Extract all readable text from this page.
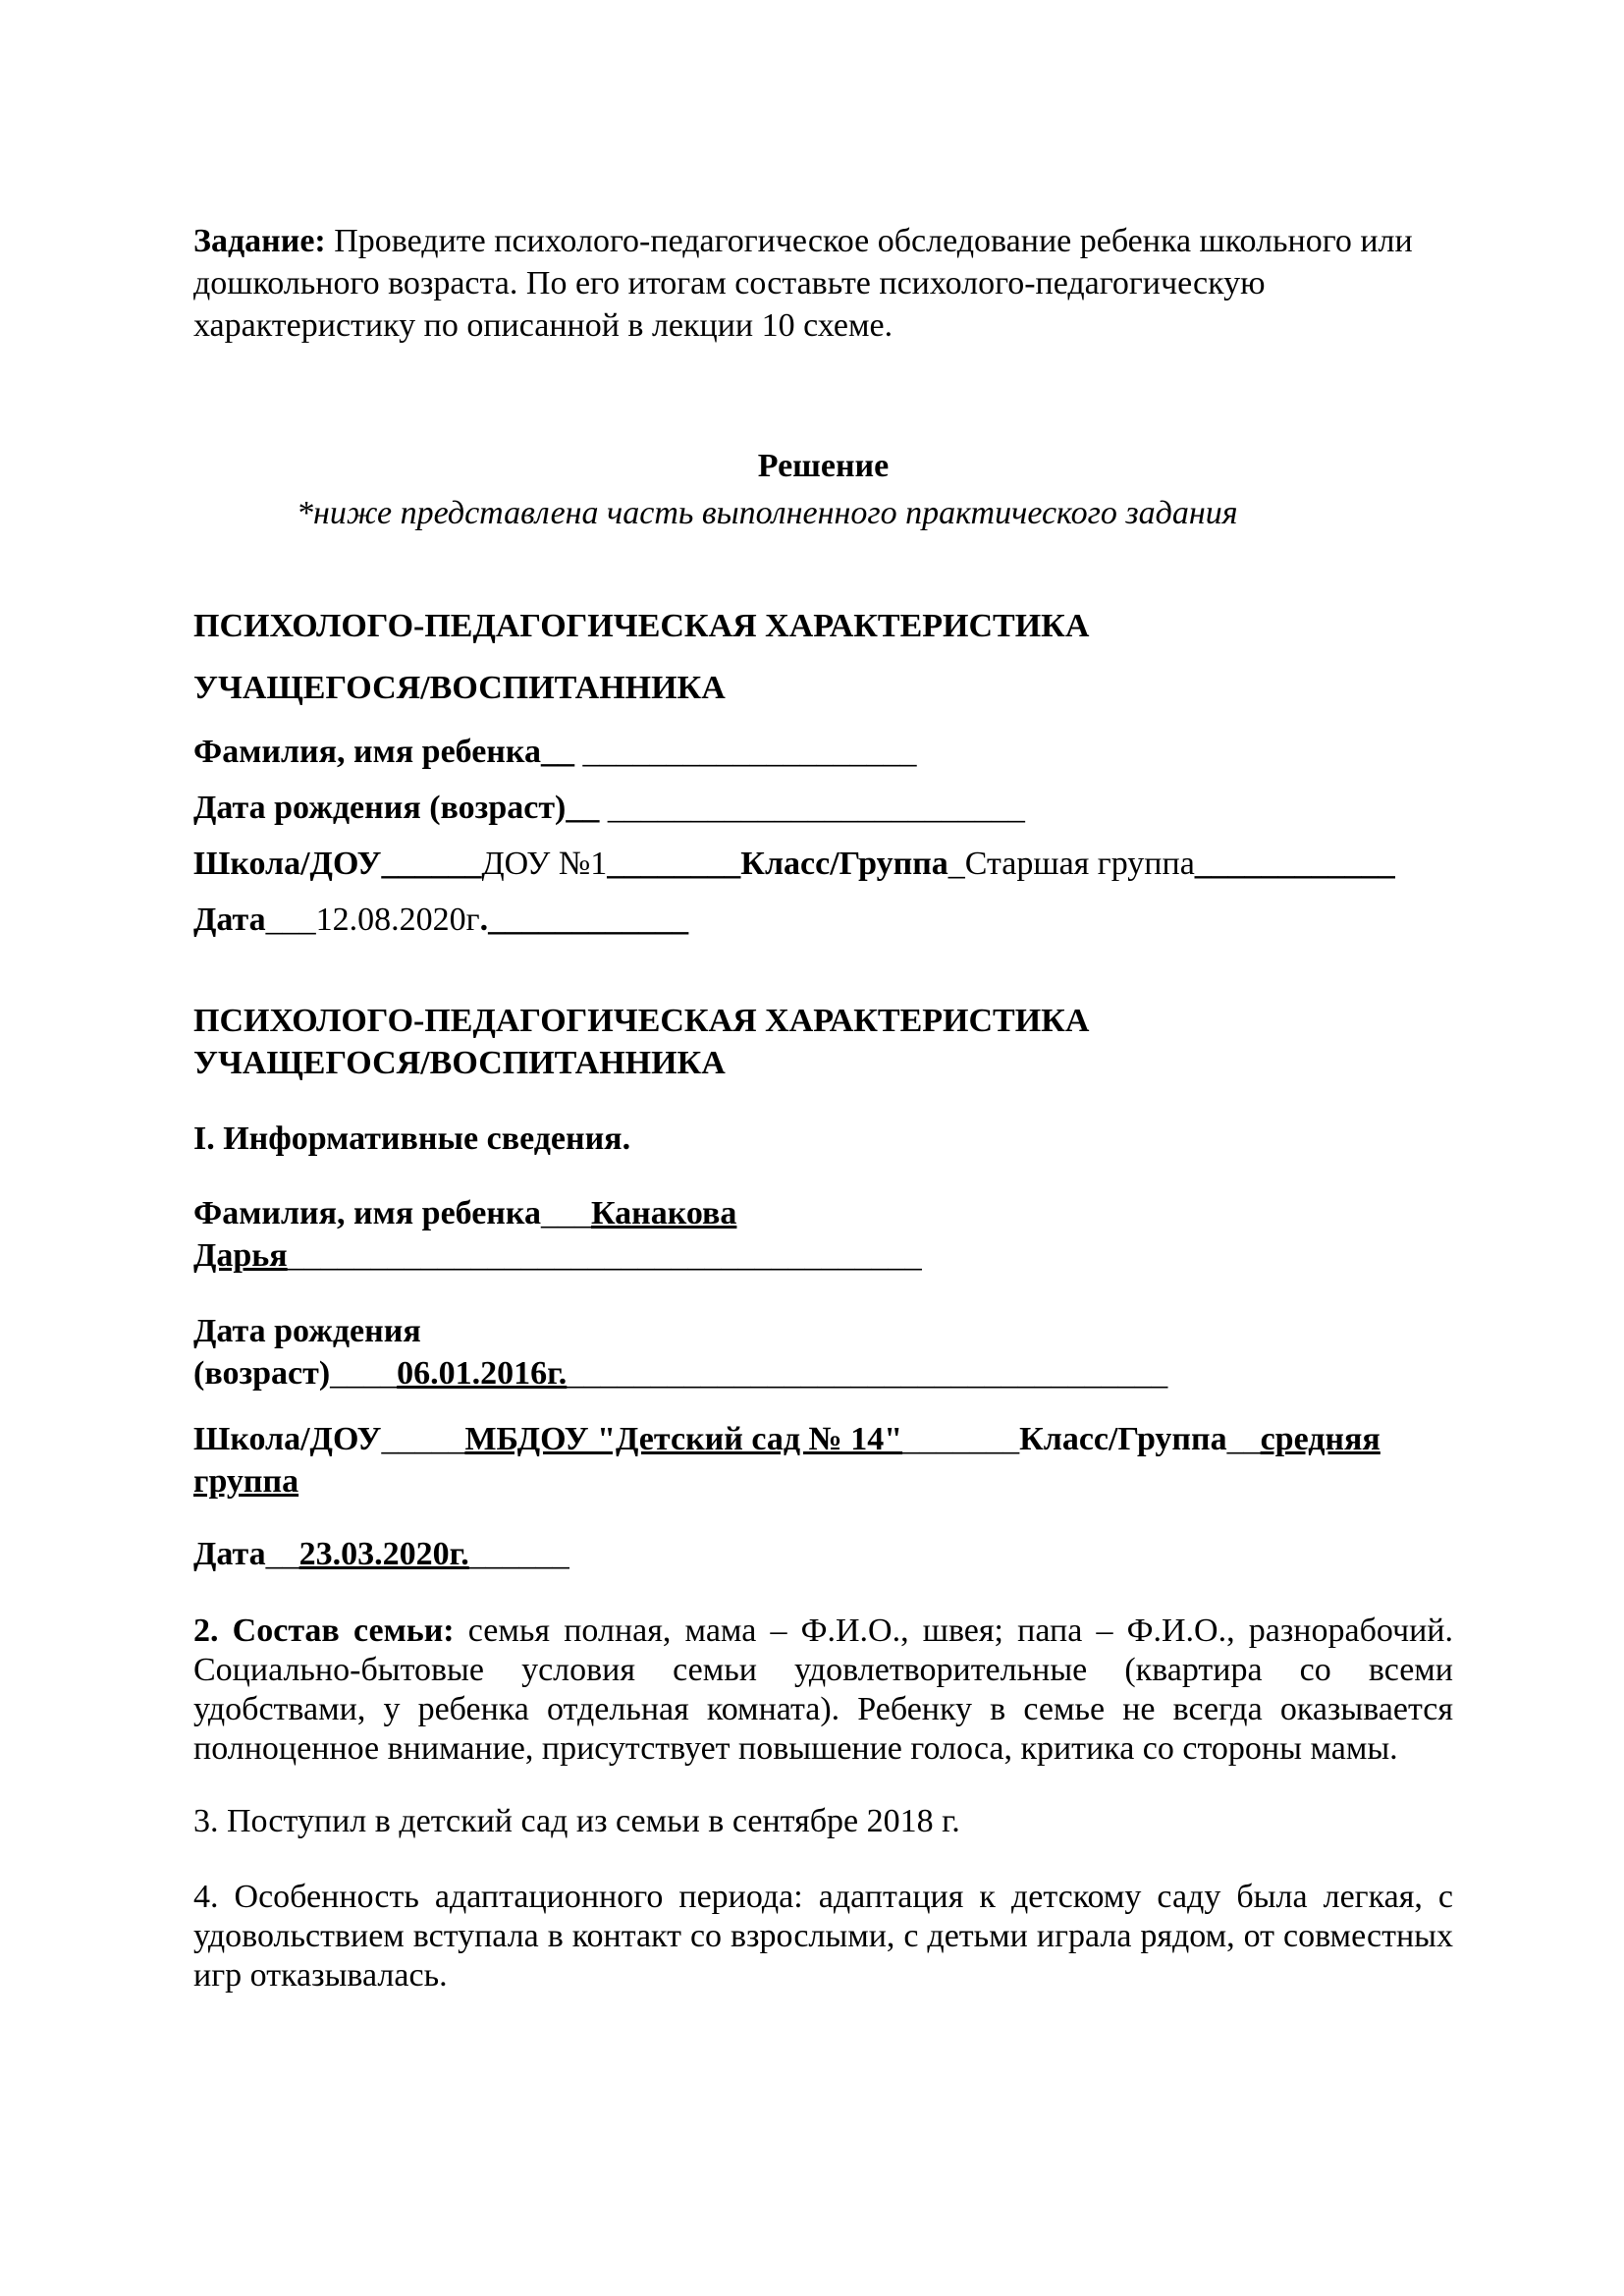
Задание: Проведите психолого-педагогическое обследование ребенка школьного или дошкольного возраста. По его итогам составьте психолого-педагогическую характеристику по описанной в лекции 10 схеме.

Решение
*ниже представлена часть выполненного практического задания
ПСИХОЛОГО-ПЕДАГОГИЧЕСКАЯ ХАРАКТЕРИСТИКА
УЧАЩЕГОСЯ/ВОСПИТАННИКА
Фамилия, имя ребенка__ ____________________
Дата рождения (возраст)__ _________________________
Школа/ДОУ______ДОУ №1________Класс/Группа_Старшая группа____________
Дата___12.08.2020г.____________
ПСИХОЛОГО-ПЕДАГОГИЧЕСКАЯ ХАРАКТЕРИСТИКА
УЧАЩЕГОСЯ/ВОСПИТАННИКА
I. Информативные сведения.
Фамилия, имя ребенка___Канакова
Дарья______________________________________
Дата рождения
(возраст)____06.01.2016г.____________________________________
Школа/ДОУ_____МБДОУ "Детский сад № 14"_______Класс/Группа__средняя
группа
Дата__23.03.2020г.______

2. Состав семьи: семья полная, мама – Ф.И.О., швея; папа – Ф.И.О., разнорабочий. Социально-бытовые условия семьи удовлетворительные (квартира со всеми удобствами, у ребенка отдельная комната). Ребенку в семье не всегда оказывается полноценное внимание, присутствует повышение голоса, критика со стороны мамы.

3. Поступил в детский сад из семьи в сентябре 2018 г.

4. Особенность адаптационного периода: адаптация к детскому саду была легкая, с удовольствием вступала в контакт со взрослыми, с детьми играла рядом, от совместных игр отказывалась.
